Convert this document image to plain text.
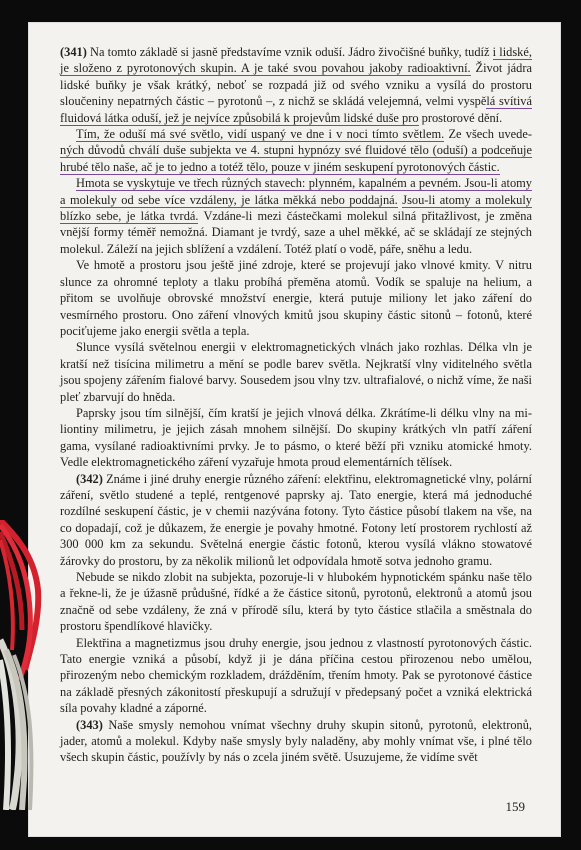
(341) Na tomto základě si jasně představíme vznik oduší. Jádro živočišné buňky, tudíž i lidské, je složeno z pyrotonových skupin. A je také svou povahou jakoby radioaktivní. Život jádra lidské buňky je však krátký, neboť se rozpadá již od svého vzniku a vysílá do prostoru sloučeniny nepatrných částic – pyrotonů –, z nichž se skládá velejemná, velmi vyspělá svítivá fluidová látka oduší, jež je nejvíce způsobilá k projevům lidské duše pro prostorové dění.

Tím, že oduší má své světlo, vidí uspaný ve dne i v noci tímto světlem. Ze všech uvedených důvodů chválí duše subjekta ve 4. stupni hypnózy své fluidové tělo (oduší) a podceňuje hrubé tělo naše, ač je to jedno a totéž tělo, pouze v jiném seskupení pyrotonových částic.

Hmota se vyskytuje ve třech různých stavech: plynném, kapalném a pevném. Jsou-li atomy a molekuly od sebe více vzdáleny, je látka měkká nebo poddajná. Jsou-li atomy a molekuly blízko sebe, je látka tvrdá. Vzdáne-li mezi částečkami molekul silná přitažlivost, je změna vnější formy téměř nemožná. Diamant je tvrdý, saze a uhel měkké, ač se skládají ze stejných molekul. Záleží na jejich sblížení a vzdálení. Totéž platí o vodě, páře, sněhu a ledu.

Ve hmotě a prostoru jsou ještě jiné zdroje, které se projevují jako vlnové kmity. V nitru slunce za ohromné teploty a tlaku probíhá přeměna atomů. Vodík se spaluje na helium, a přitom se uvolňuje obrovské množství energie, která putuje miliony let jako záření do vesmírného prostoru. Ono záření vlnových kmitů jsou skupiny částic sitonů – fotonů, které pociťujeme jako energii světla a tepla.

Slunce vysílá světelnou energii v elektromagnetických vlnách jako rozhlas. Délka vln je kratší než tisícina milimetru a mění se podle barev světla. Nejkratší vlny viditelného světla jsou spojeny zářením fialové barvy. Sousedem jsou vlny tzv. ultrafialové, o nichž víme, že naši pleť zbarvují do hněda.

Paprsky jsou tím silnější, čím kratší je jejich vlnová délka. Zkrátíme-li délku vlny na miliontiny milimetru, je jejich zásah mnohem silnější. Do skupiny krátkých vln patří záření gama, vysílané radioaktivními prvky. Je to pásmo, o které běží při vzniku atomické hmoty. Vedle elektromagnetického záření vyzařuje hmota proud elementárních tělísek.

(342) Známe i jiné druhy energie různého záření: elektřinu, elektromagnetické vlny, polární záření, světlo studené a teplé, rentgenové paprsky aj. Tato energie, která má jednoduché rozdílné seskupení částic, je v chemii nazývána fotony. Tyto částice působí tlakem na vše, na co dopadají, což je důkazem, že energie je povahy hmotné. Fotony letí prostorem rychlostí až 300 000 km za sekundu. Světelná energie částic fotonů, kterou vysílá vlákno stowatové žárovky do prostoru, by za několik milionů let odpovídala hmotě sotva jednoho gramu.

Nebude se nikdo zlobit na subjekta, pozoruje-li v hlubokém hypnotickém spánku naše tělo a řekne-li, že je úžasně průdušné, řídké a že částice sitonů, pyrotonů, elektronů a atomů jsou značně od sebe vzdáleny, že zná v přírodě sílu, která by tyto částice stlačila a směstnala do prostoru špendlíkové hlavičky.

Elektřina a magnetizmus jsou druhy energie, jsou jednou z vlastností pyrotonových částic. Tato energie vzniká a působí, když ji je dána příčina cestou přirozenou nebo umělou, přirozeným nebo chemickým rozkladem, drážděním, třením hmoty. Pak se pyrotonové částice na základě přesných zákonitostí přeskupují a sdružují v předepsaný počet a vzniká elektrická síla povahy kladné a záporné.

(343) Naše smysly nemohou vnímat všechny druhy skupin sitonů, pyrotonů, elektronů, jader, atomů a molekul. Kdyby naše smysly byly naladěny, aby mohly vnímat vše, i plné tělo všech skupin částic, používly by nás o zcela jiném světě. Usuzujeme, že vidíme svět

159
